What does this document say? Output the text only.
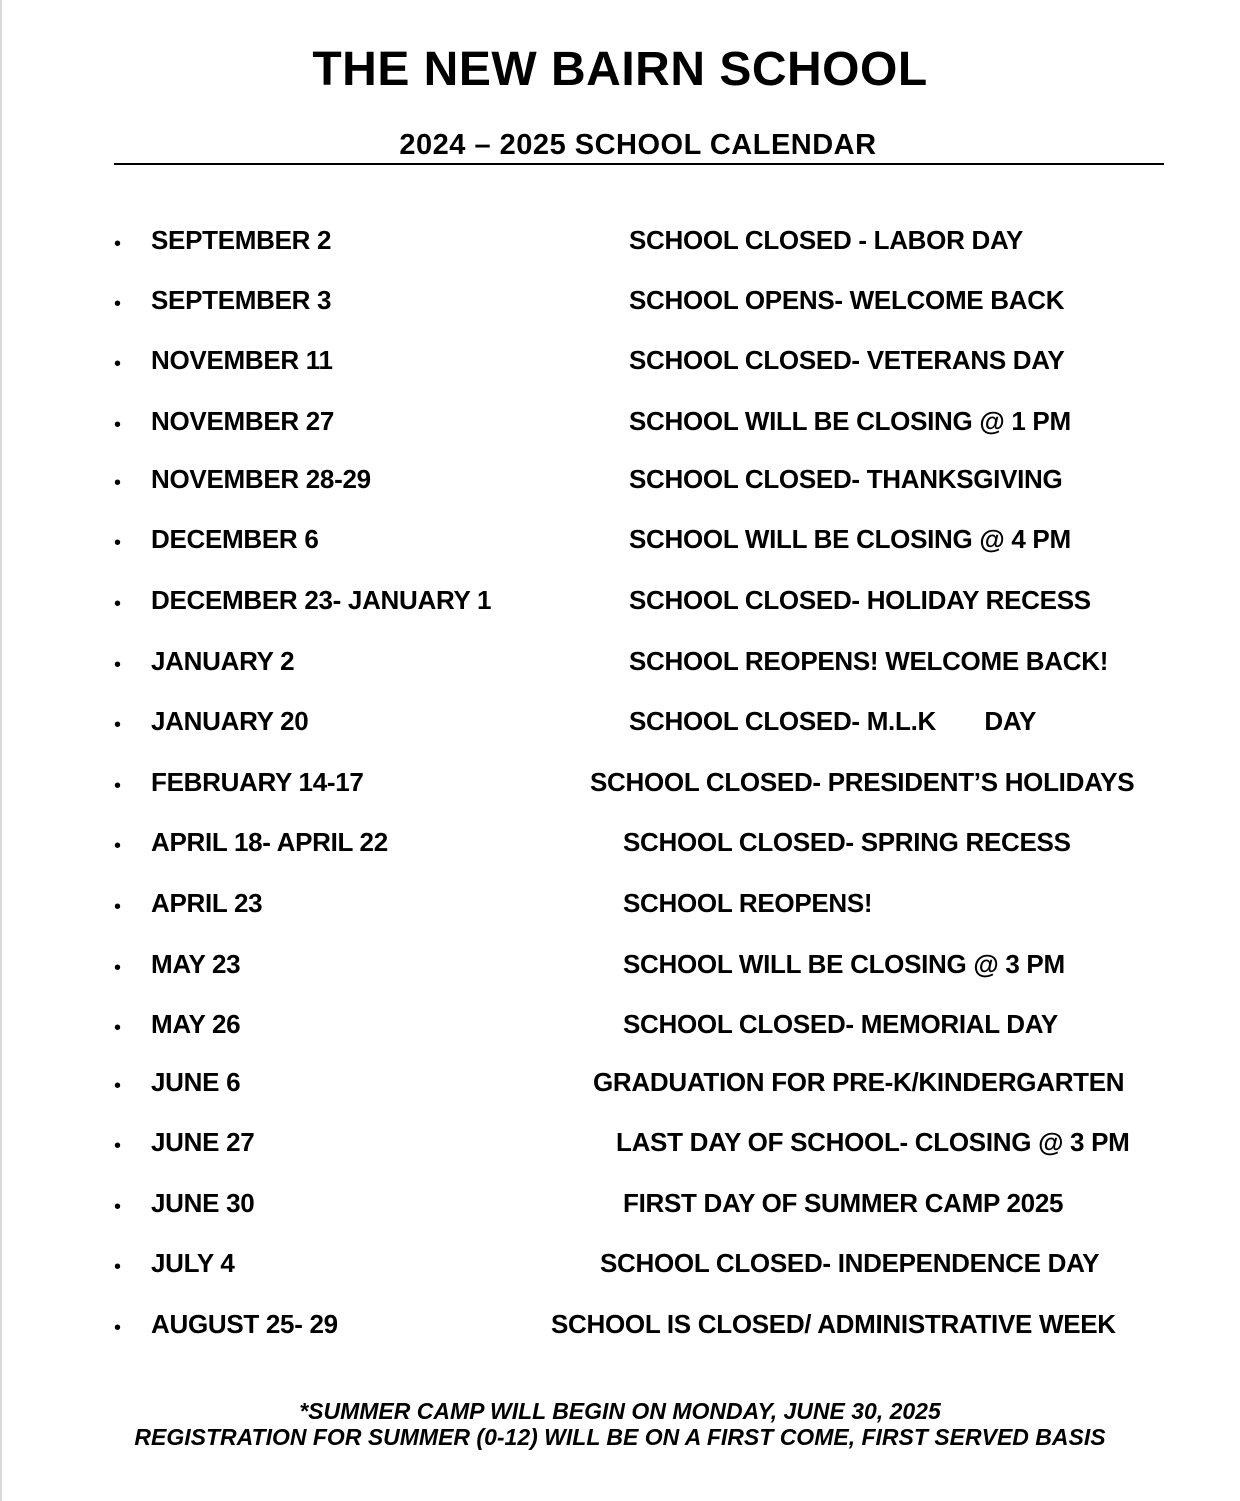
THE NEW BAIRN SCHOOL
2024 – 2025 SCHOOL CALENDAR
• SEPTEMBER 2	SCHOOL CLOSED - LABOR DAY
• SEPTEMBER 3	SCHOOL OPENS- WELCOME BACK
• NOVEMBER 11	SCHOOL CLOSED- VETERANS DAY
• NOVEMBER 27	SCHOOL WILL BE CLOSING @ 1 PM
• NOVEMBER 28-29	SCHOOL CLOSED- THANKSGIVING
• DECEMBER 6	SCHOOL WILL BE CLOSING @ 4 PM
• DECEMBER 23- JANUARY 1	SCHOOL CLOSED- HOLIDAY RECESS
• JANUARY 2	SCHOOL REOPENS! WELCOME BACK!
• JANUARY 20	SCHOOL CLOSED- M.L.K       DAY
• FEBRUARY 14-17	SCHOOL CLOSED- PRESIDENT’S HOLIDAYS
• APRIL 18- APRIL 22	SCHOOL CLOSED- SPRING RECESS
• APRIL 23	SCHOOL REOPENS!
• MAY 23	SCHOOL WILL BE CLOSING @ 3 PM
• MAY 26	SCHOOL CLOSED- MEMORIAL DAY
• JUNE 6	GRADUATION FOR PRE-K/KINDERGARTEN
• JUNE 27	LAST DAY OF SCHOOL- CLOSING @ 3 PM
• JUNE 30	FIRST DAY OF SUMMER CAMP 2025
• JULY 4	SCHOOL CLOSED- INDEPENDENCE DAY
• AUGUST 25- 29	SCHOOL IS CLOSED/ ADMINISTRATIVE WEEK
*SUMMER CAMP WILL BEGIN ON MONDAY, JUNE 30, 2025
REGISTRATION FOR SUMMER (0-12) WILL BE ON A FIRST COME, FIRST SERVED BASIS
